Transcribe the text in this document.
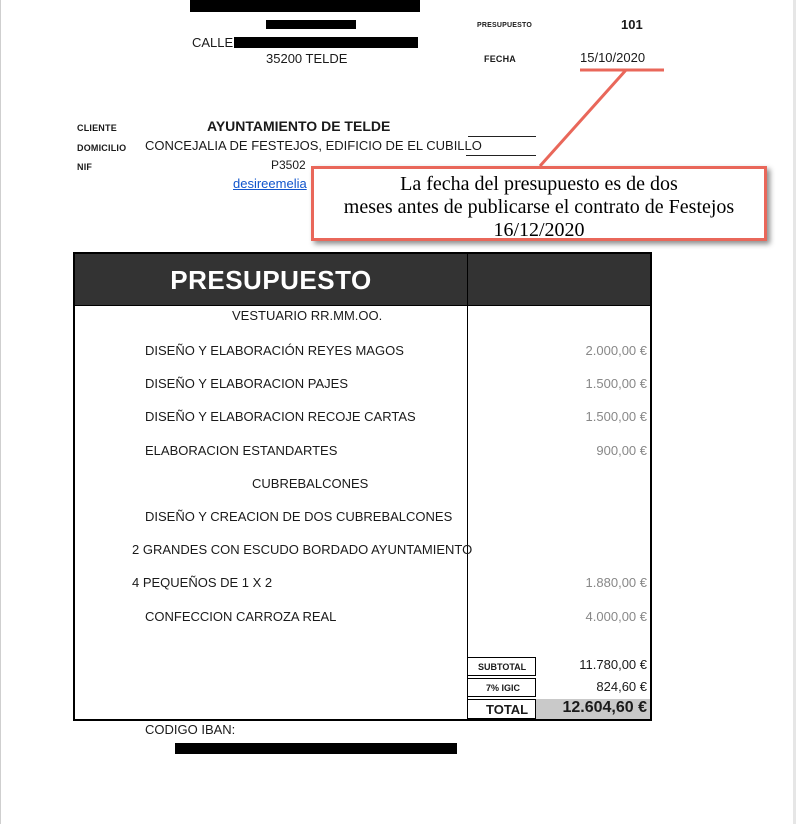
CALLE
35200 TELDE
PRESUPUESTO	101
FECHA	15/10/2020
CLIENTE	AYUNTAMIENTO DE TELDE
DOMICILIO CONCEJALIA DE FESTEJOS, EDIFICIO DE EL CUBILLO
NIF	P3502
desireemelia	La fecha del presupuesto es de dos
meses antes de publicarse el contrato de Festejos
16/12/2020
PRESUPUESTO
VESTUARIO RR.MM.OO.
DISEÑO Y ELABORACIÓN REYES MAGOS	2.000,00 €
DISEÑO Y ELABORACION PAJES	1.500,00 €
DISEÑO Y ELABORACION RECOJE CARTAS	1.500,00 €
ELABORACION ESTANDARTES	900,00 €
CUBREBALCONES
DISEÑO Y CREACION DE DOS CUBREBALCONES
2 GRANDES CON ESCUDO BORDADO AYUNTAMIENTO
4 PEQUEÑOS DE 1 X 2	1.880,00 €
CONFECCION CARROZA REAL	4.000,00 €
SUBTOTAL	11.780,00 €
7% IGIC	824,60 €
TOTAL 12.604,60 €
CODIGO IBAN:
